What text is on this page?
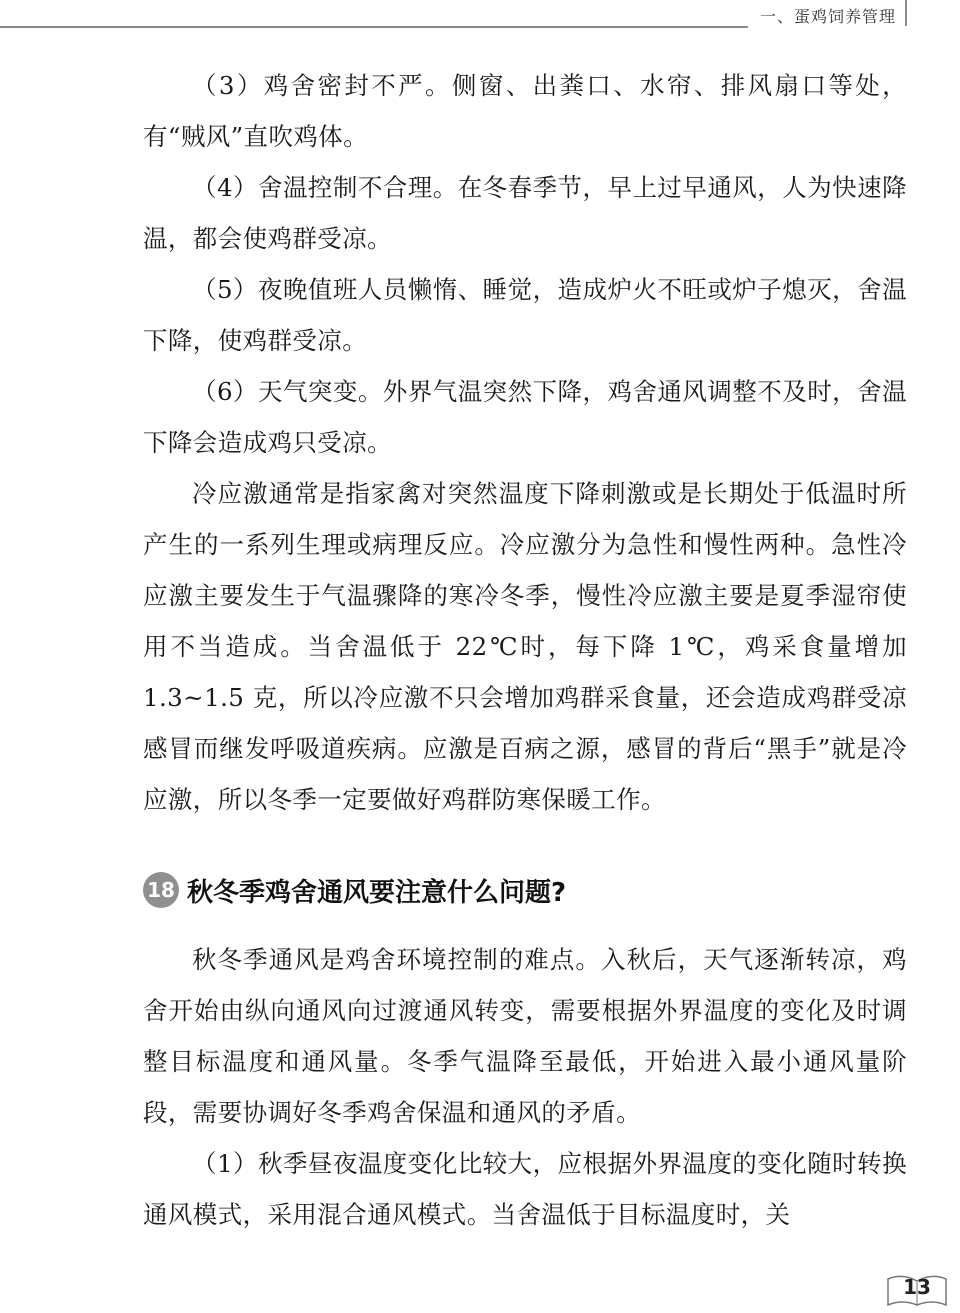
一、蛋鸡饲养管理

（3）鸡舍密封不严。侧窗、出粪口、水帘、排风扇口等处，有“贼风”直吹鸡体。

（4）舍温控制不合理。在冬春季节，早上过早通风，人为快速降温，都会使鸡群受凉。

（5）夜晚值班人员懒惰、睡觉，造成炉火不旺或炉子熄灭，舍温下降，使鸡群受凉。

（6）天气突变。外界气温突然下降，鸡舍通风调整不及时，舍温下降会造成鸡只受凉。

冷应激通常是指家禽对突然温度下降刺激或是长期处于低温时所产生的一系列生理或病理反应。冷应激分为急性和慢性两种。急性冷应激主要发生于气温骤降的寒冷冬季，慢性冷应激主要是夏季湿帘使用不当造成。当舍温低于 22℃时，每下降 1℃，鸡采食量增加 1.3~1.5 克，所以冷应激不只会增加鸡群采食量，还会造成鸡群受凉感冒而继发呼吸道疾病。应激是百病之源，感冒的背后“黑手”就是冷应激，所以冬季一定要做好鸡群防寒保暖工作。

18 秋冬季鸡舍通风要注意什么问题?

秋冬季通风是鸡舍环境控制的难点。入秋后，天气逐渐转凉，鸡舍开始由纵向通风向过渡通风转变，需要根据外界温度的变化及时调整目标温度和通风量。冬季气温降至最低，开始进入最小通风量阶段，需要协调好冬季鸡舍保温和通风的矛盾。

（1）秋季昼夜温度变化比较大，应根据外界温度的变化随时转换通风模式，采用混合通风模式。当舍温低于目标温度时，关

13
